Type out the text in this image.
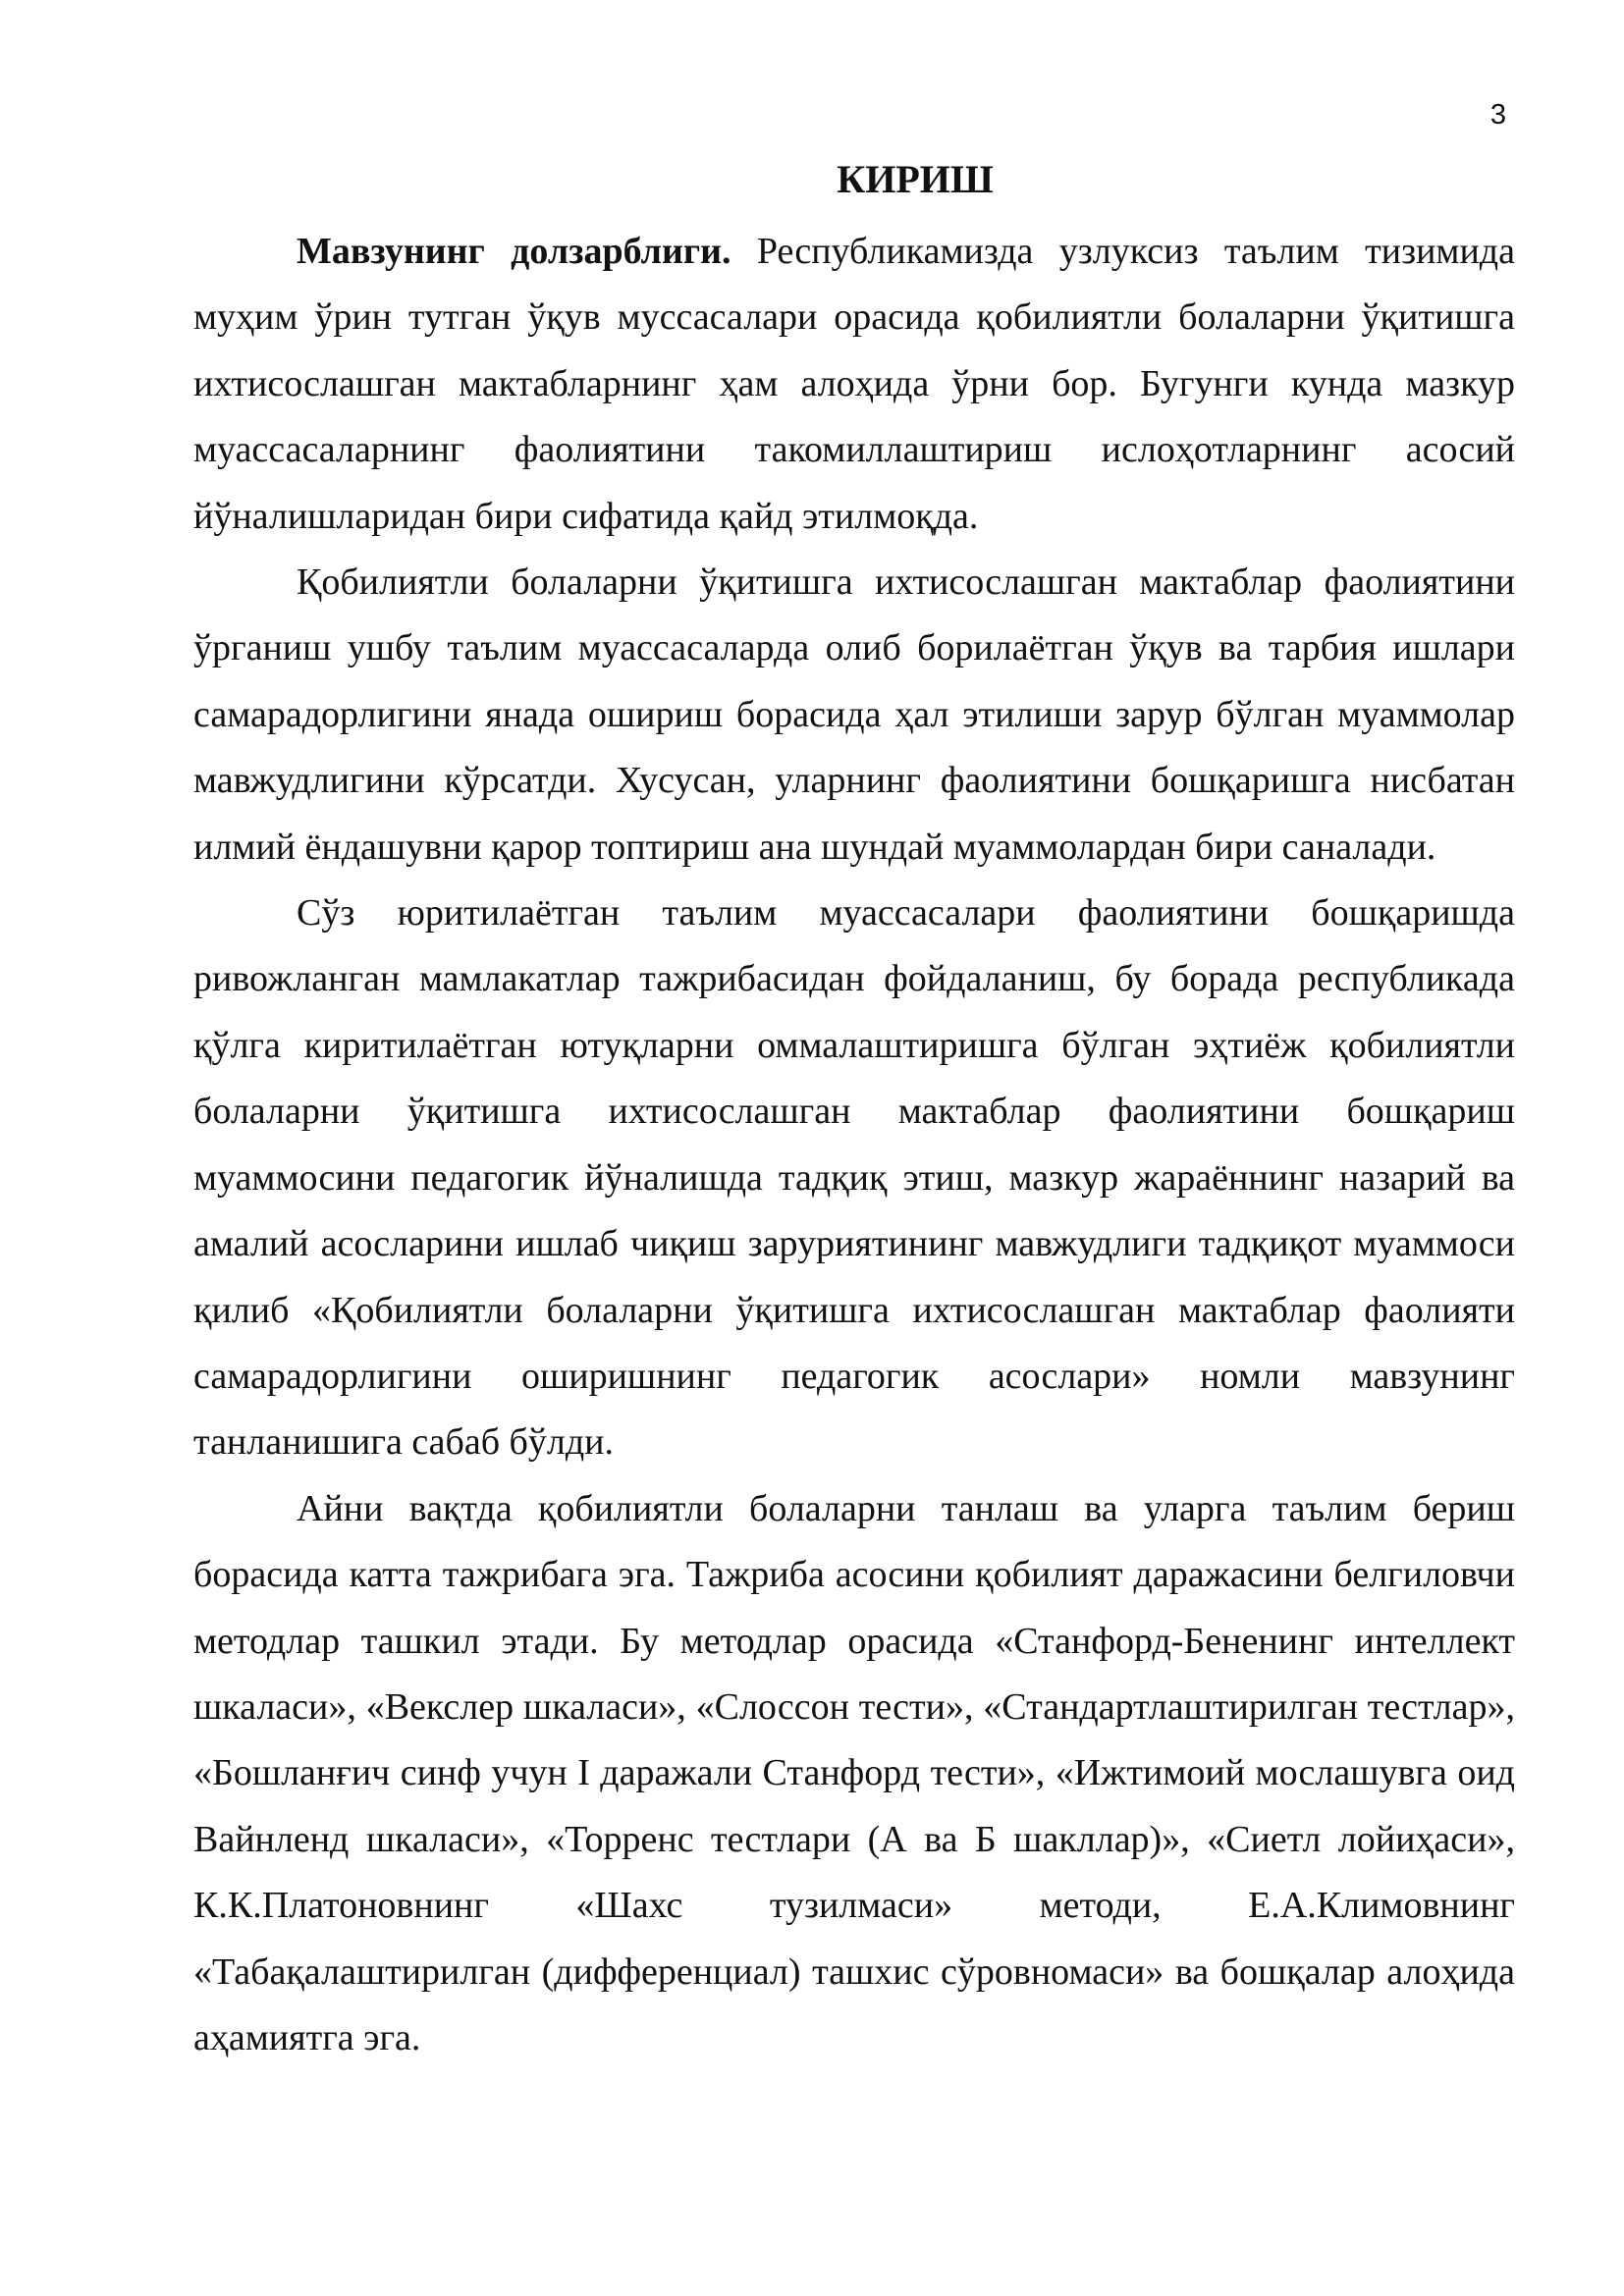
3
КИРИШ

Мавзунинг долзарблиги. Республикамизда узлуксиз таълим тизимида муҳим ўрин тутган ўқув муссасалари орасида қобилиятли болаларни ўқитишга ихтисослашган мактабларнинг ҳам алоҳида ўрни бор. Бугунги кунда мазкур муассасаларнинг фаолиятини такомиллаштириш ислоҳотларнинг асосий йўналишларидан бири сифатида қайд этилмоқда.

Қобилиятли болаларни ўқитишга ихтисослашган мактаблар фаолиятини ўрганиш ушбу таълим муассасаларда олиб борилаётган ўқув ва тарбия ишлари самарадорлигини янада ошириш борасида ҳал этилиши зарур бўлган муаммолар мавжудлигини кўрсатди. Хусусан, уларнинг фаолиятини бошқаришга нисбатан илмий ёндашувни қарор топтириш ана шундай муаммолардан бири саналади.

Сўз юритилаётган таълим муассасалари фаолиятини бошқаришда ривожланган мамлакатлар тажрибасидан фойдаланиш, бу борада республикада қўлга киритилаётган ютуқларни оммалаштиришга бўлган эҳтиёж қобилиятли болаларни ўқитишга ихтисослашган мактаблар фаолиятини бошқариш муаммосини педагогик йўналишда тадқиқ этиш, мазкур жараённинг назарий ва амалий асосларини ишлаб чиқиш заруриятининг мавжудлиги тадқиқот муаммоси қилиб «Қобилиятли болаларни ўқитишга ихтисослашган мактаблар фаолияти самарадорлигини оширишнинг педагогик асослари» номли мавзунинг танланишига сабаб бўлди.

Айни вақтда қобилиятли болаларни танлаш ва уларга таълим бериш борасида катта тажрибага эга. Тажриба асосини қобилият даражасини белгиловчи методлар ташкил этади. Бу методлар орасида «Станфорд-Бененинг интеллект шкаласи», «Векслер шкаласи», «Слоссон тести», «Стандартлаштирилган тестлар», «Бошланғич синф учун I даражали Станфорд тести», «Ижтимоий мослашувга оид Вайнленд шкаласи», «Торренс тестлари (А ва Б шакллар)», «Сиетл лойиҳаси», К.К.Платоновнинг «Шахс тузилмаси» методи, Е.А.Климовнинг «Табақалаштирилган (дифференциал) ташхис сўровномаси» ва бошқалар алоҳида аҳамиятга эга.
